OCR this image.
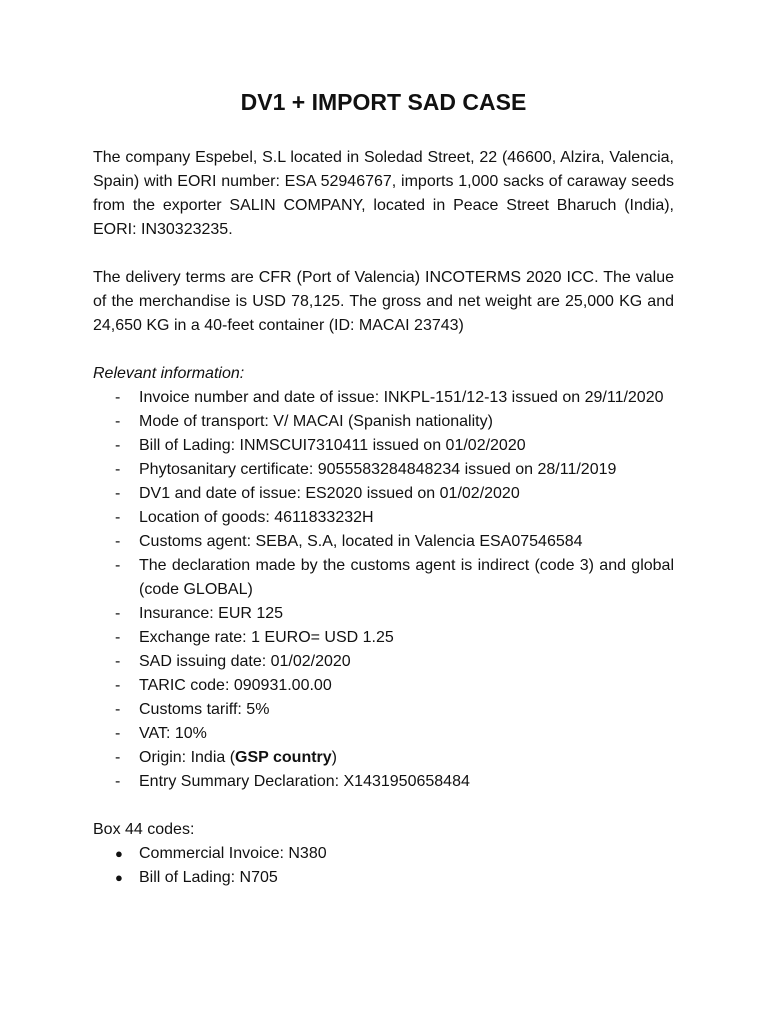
DV1 + IMPORT SAD CASE

The company Espebel, S.L located in Soledad Street, 22 (46600, Alzira, Valencia, Spain) with EORI number: ESA 52946767, imports 1,000 sacks of caraway seeds from the exporter SALIN COMPANY, located in Peace Street Bharuch (India), EORI: IN30323235.

The delivery terms are CFR (Port of Valencia) INCOTERMS 2020 ICC. The value of the merchandise is USD 78,125. The gross and net weight are 25,000 KG and 24,650 KG in a 40-feet container (ID: MACAI 23743)

Relevant information:

- Invoice number and date of issue: INKPL-151/12-13 issued on 29/11/2020
- Mode of transport: V/ MACAI (Spanish nationality)
- Bill of Lading: INMSCUI7310411 issued on 01/02/2020
- Phytosanitary certificate: 9055583284848234 issued on 28/11/2019
- DV1 and date of issue: ES2020 issued on 01/02/2020
- Location of goods: 4611833232H
- Customs agent: SEBA, S.A, located in Valencia ESA07546584
- The declaration made by the customs agent is indirect (code 3) and global (code GLOBAL)
- Insurance: EUR 125
- Exchange rate: 1 EURO= USD 1.25
- SAD issuing date: 01/02/2020
- TARIC code: 090931.00.00
- Customs tariff: 5%
- VAT: 10%
- Origin: India (GSP country)
- Entry Summary Declaration: X1431950658484

Box 44 codes:

● Commercial Invoice: N380
● Bill of Lading: N705
